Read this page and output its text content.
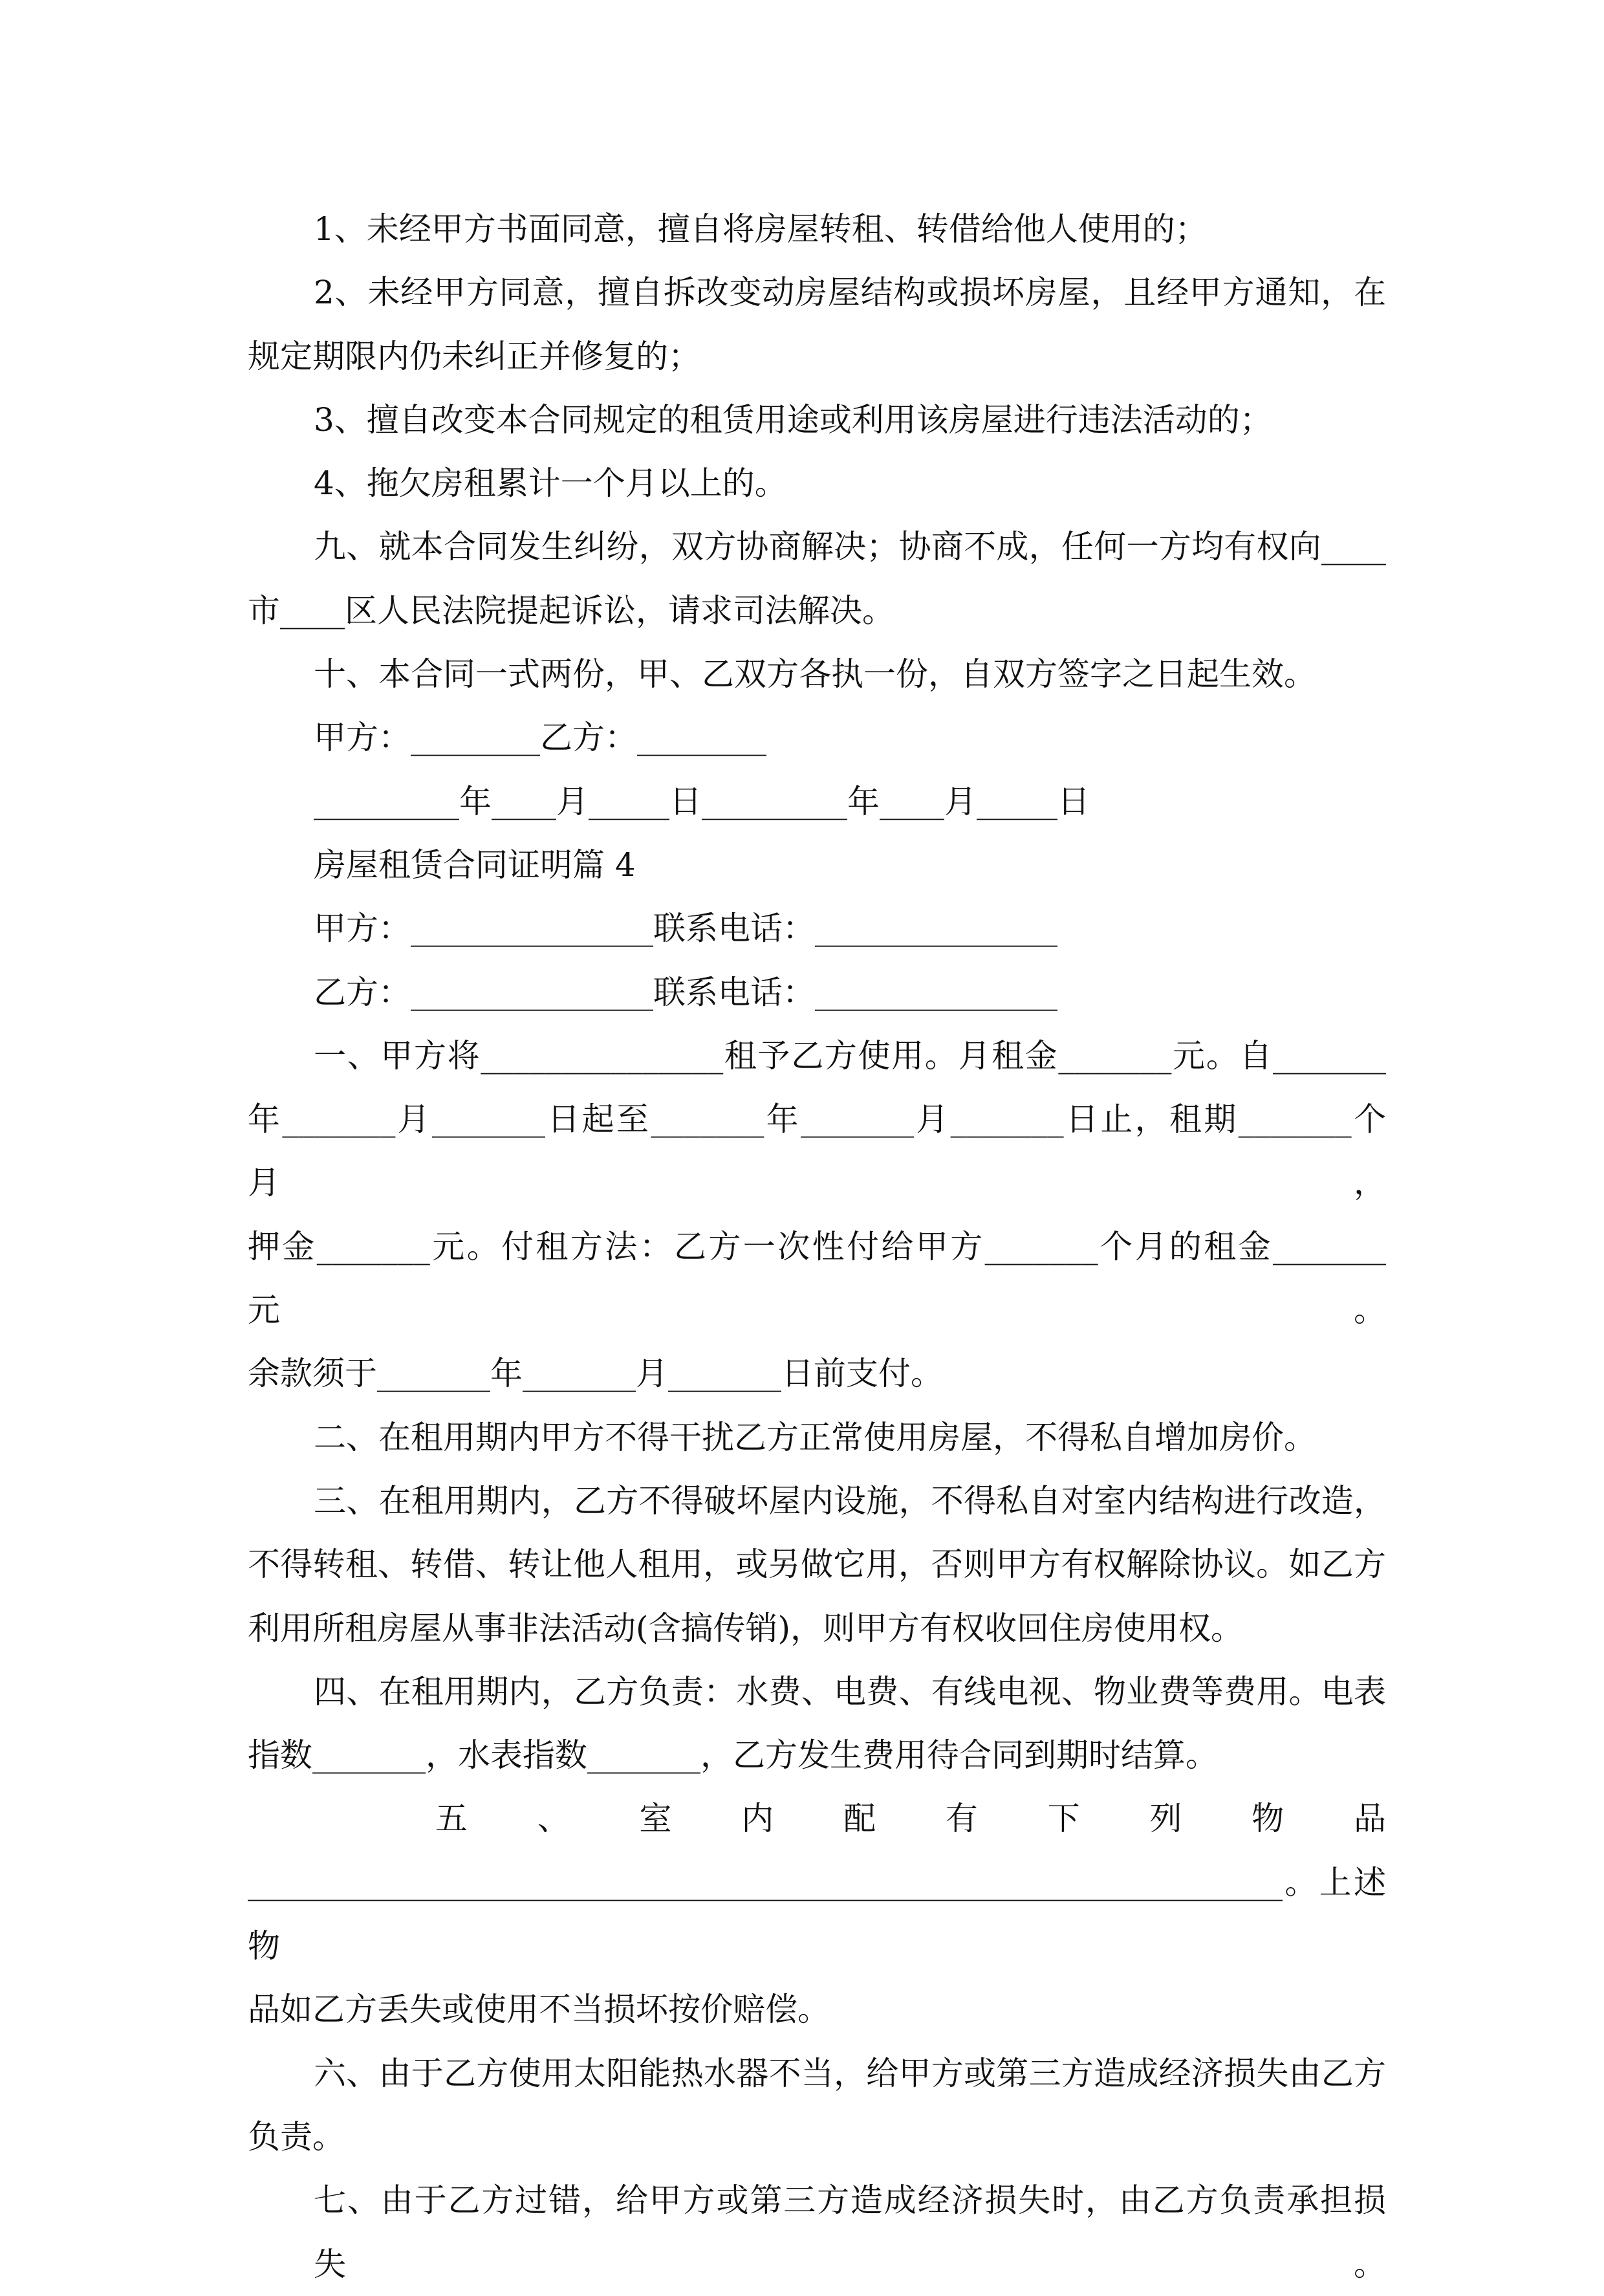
1、未经甲方书面同意，擅自将房屋转租、转借给他人使用的；
2、未经甲方同意，擅自拆改变动房屋结构或损坏房屋，且经甲方通知，在
规定期限内仍未纠正并修复的；
3、擅自改变本合同规定的租赁用途或利用该房屋进行违法活动的；
4、拖欠房租累计一个月以上的。
九、就本合同发生纠纷，双方协商解决；协商不成，任何一方均有权向____
市____区人民法院提起诉讼，请求司法解决。
十、本合同一式两份，甲、乙双方各执一份，自双方签字之日起生效。
甲方：________乙方：________
_________年____月_____日_________年____月_____日
房屋租赁合同证明篇 4
甲方：_______________联系电话：_______________
乙方：_______________联系电话：_______________
一、甲方将_______________租予乙方使用。月租金_______元。自_______
年_______月_______日起至_______年_______月_______日止，租期_______个月，
押金_______元。付租方法：乙方一次性付给甲方_______个月的租金_______元。
余款须于_______年_______月_______日前支付。
二、在租用期内甲方不得干扰乙方正常使用房屋，不得私自增加房价。
三、在租用期内，乙方不得破坏屋内设施，不得私自对室内结构进行改造，
不得转租、转借、转让他人租用，或另做它用，否则甲方有权解除协议。如乙方
利用所租房屋从事非法活动(含搞传销)，则甲方有权收回住房使用权。
四、在租用期内，乙方负责：水费、电费、有线电视、物业费等费用。电表
指数_______，水表指数_______，乙方发生费用待合同到期时结算。
五 、 室 内 配 有 下 列 物 品
________________________________________________________________。上述物
品如乙方丢失或使用不当损坏按价赔偿。
六、由于乙方使用太阳能热水器不当，给甲方或第三方造成经济损失由乙方
负责。
七、由于乙方过错，给甲方或第三方造成经济损失时，由乙方负责承担损失。
